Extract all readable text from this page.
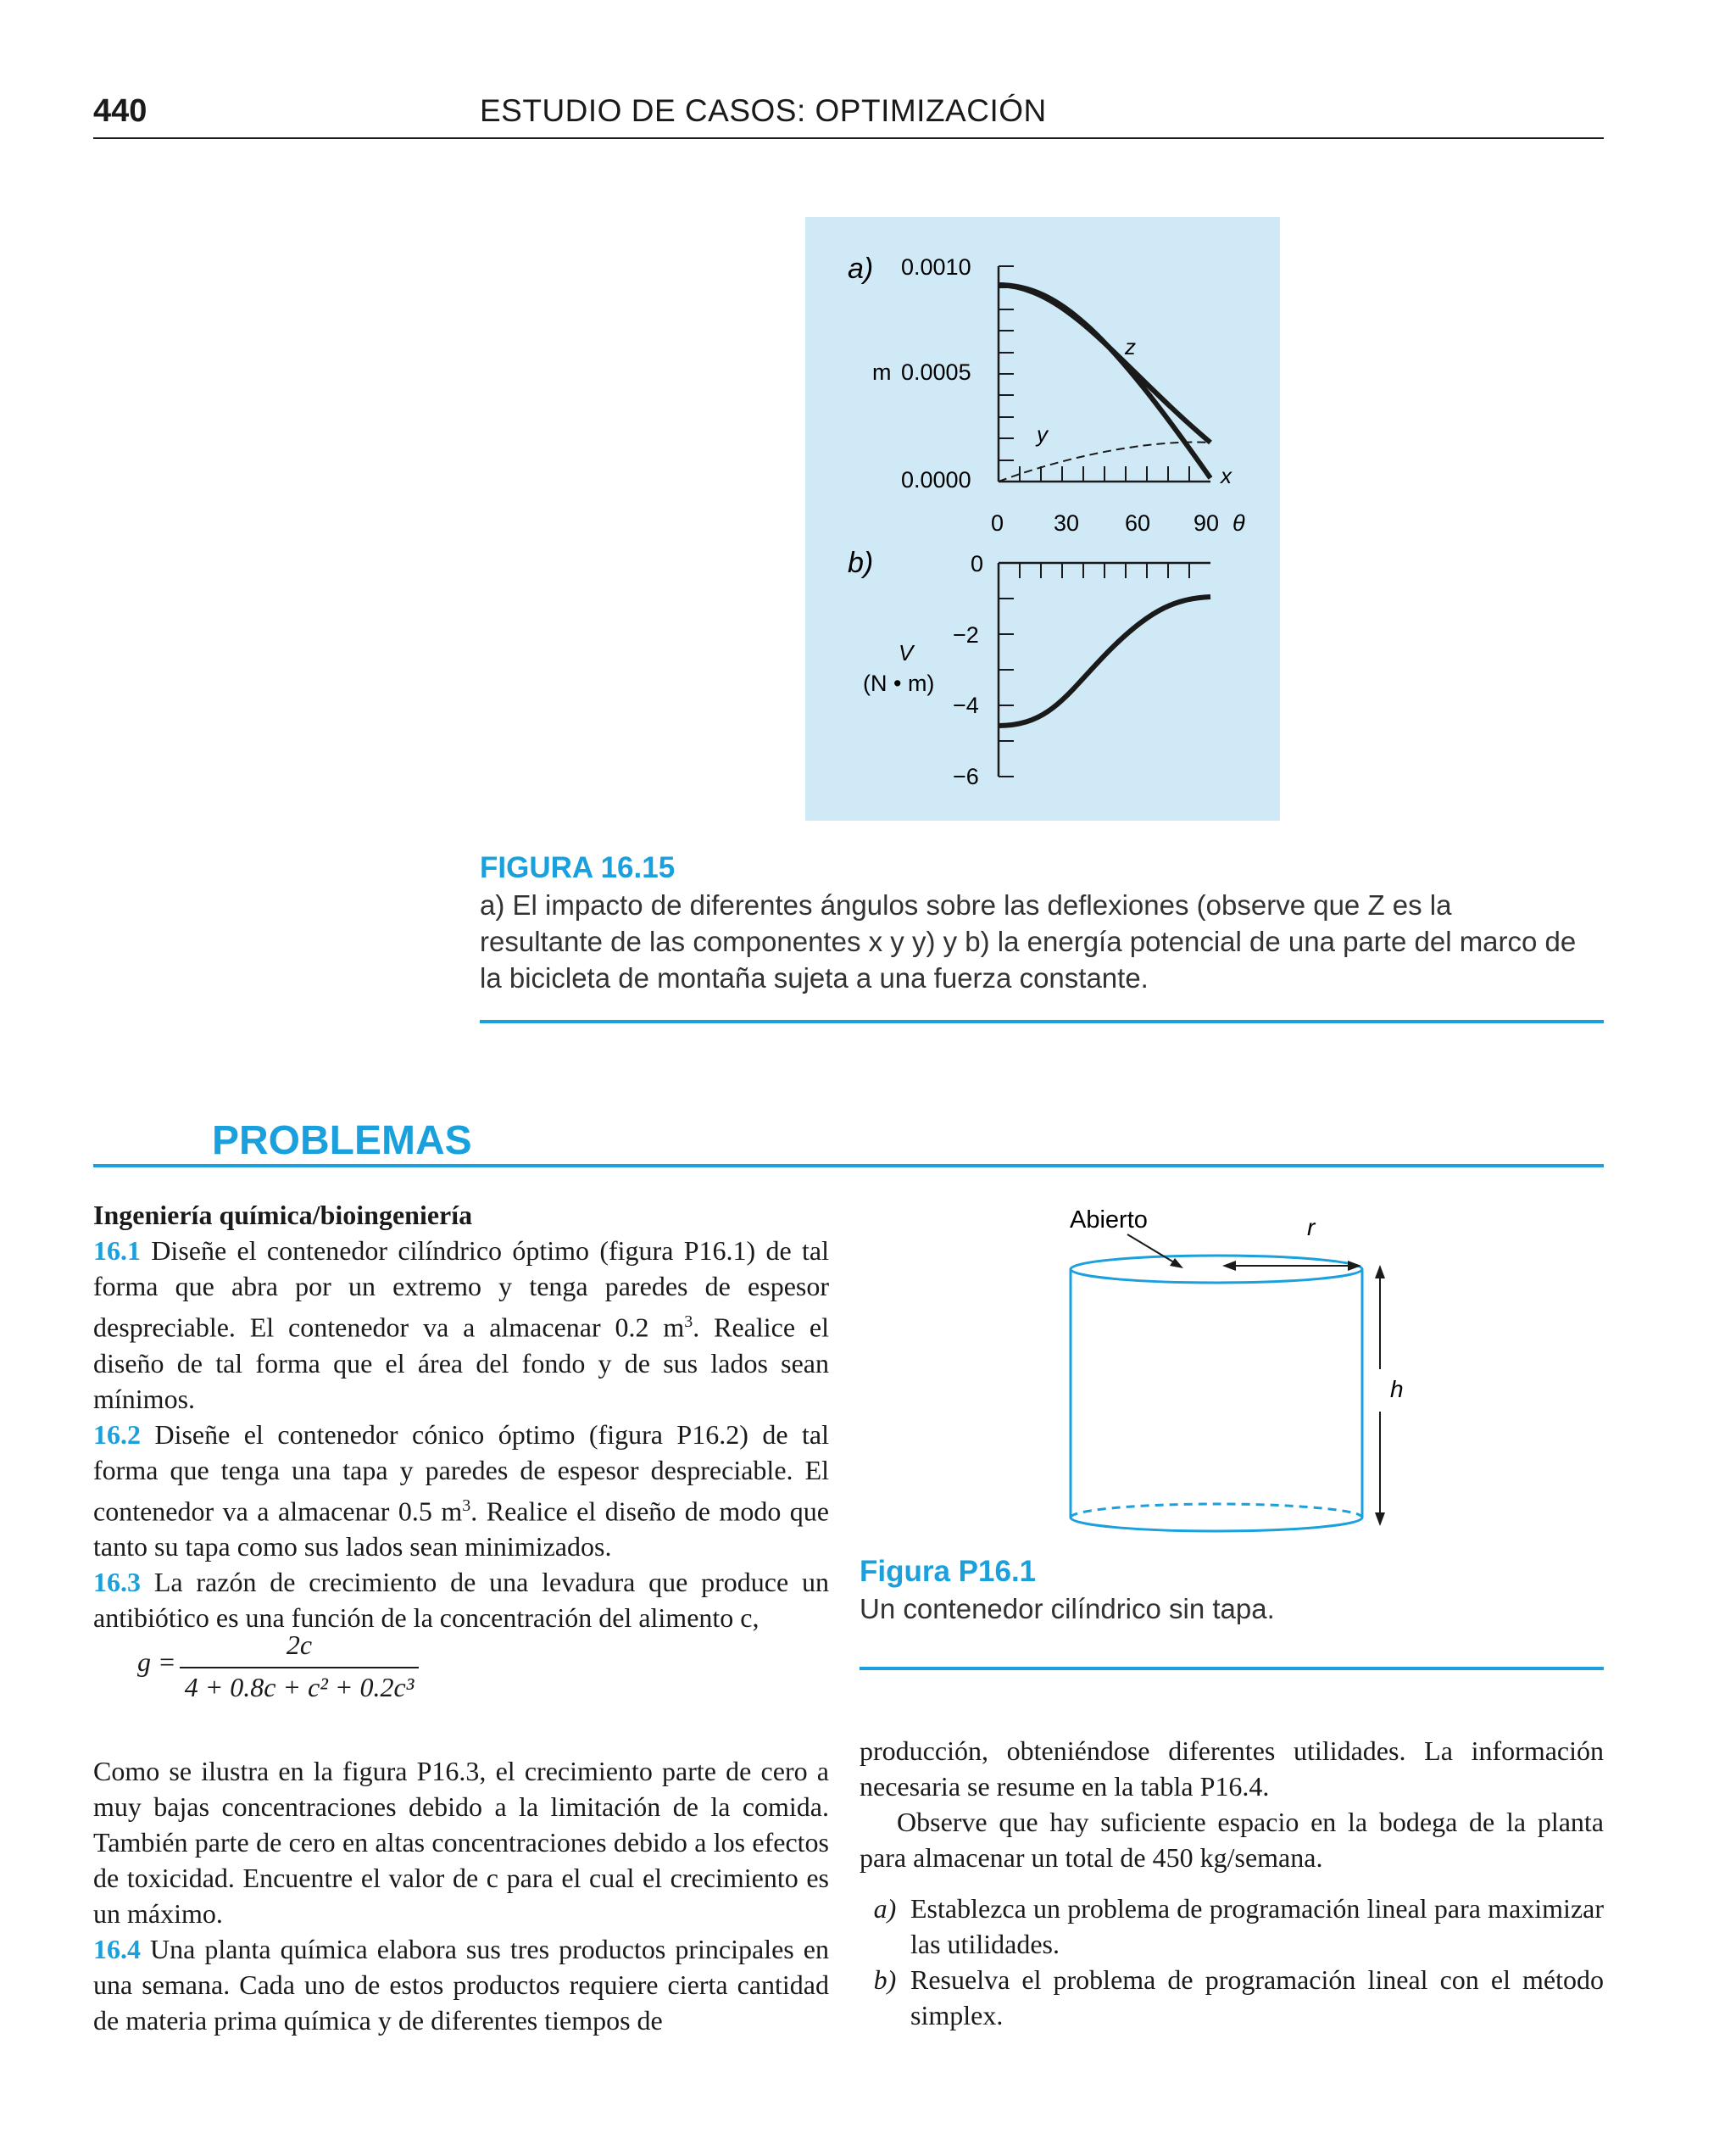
440	ESTUDIO DE CASOS: OPTIMIZACIÓN
a) 0.0010
m 0.0005
0.0000
z
y
x
0 30 60 90 θ
b)	0
−2
−4
−6
V
(N • m)
FIGURA 16.15
a) El impacto de diferentes ángulos sobre las deflexiones (observe que Z es la resultante de las componentes x y y) y b) la energía potencial de una parte del marco de la bicicleta de montaña sujeta a una fuerza constante.
PROBLEMAS

Ingeniería química/bioingeniería

16.1 Diseñe el contenedor cilíndrico óptimo (figura P16.1) de tal forma que abra por un extremo y tenga paredes de espesor despreciable. El contenedor va a almacenar 0.2 $m^3$. Realice el diseño de tal forma que el área del fondo y de sus lados sean mínimos.

16.2 Diseñe el contenedor cónico óptimo (figura P16.2) de tal forma que tenga una tapa y paredes de espesor despreciable. El contenedor va a almacenar 0.5 $m^3$. Realice el diseño de modo que tanto su tapa como sus lados sean minimizados.

16.3 La razón de crecimiento de una levadura que produce un antibiótico es una función de la concentración del alimento c,

g =
2c
4 + 0.8c + c² + 0.2c³

Como se ilustra en la figura P16.3, el crecimiento parte de cero a muy bajas concentraciones debido a la limitación de la comida. También parte de cero en altas concentraciones debido a los efectos de toxicidad. Encuentre el valor de c para el cual el crecimiento es un máximo.

16.4 Una planta química elabora sus tres productos principales en una semana. Cada uno de estos productos requiere cierta cantidad de materia prima química y de diferentes tiempos de

Abierto	r
h
Figura P16.1
Un contenedor cilíndrico sin tapa.

producción, obteniéndose diferentes utilidades. La información necesaria se resume en la tabla P16.4.

Observe que hay suficiente espacio en la bodega de la planta para almacenar un total de 450 kg/semana.

a) Establezca un problema de programación lineal para maximizar las utilidades.
b) Resuelva el problema de programación lineal con el método simplex.
